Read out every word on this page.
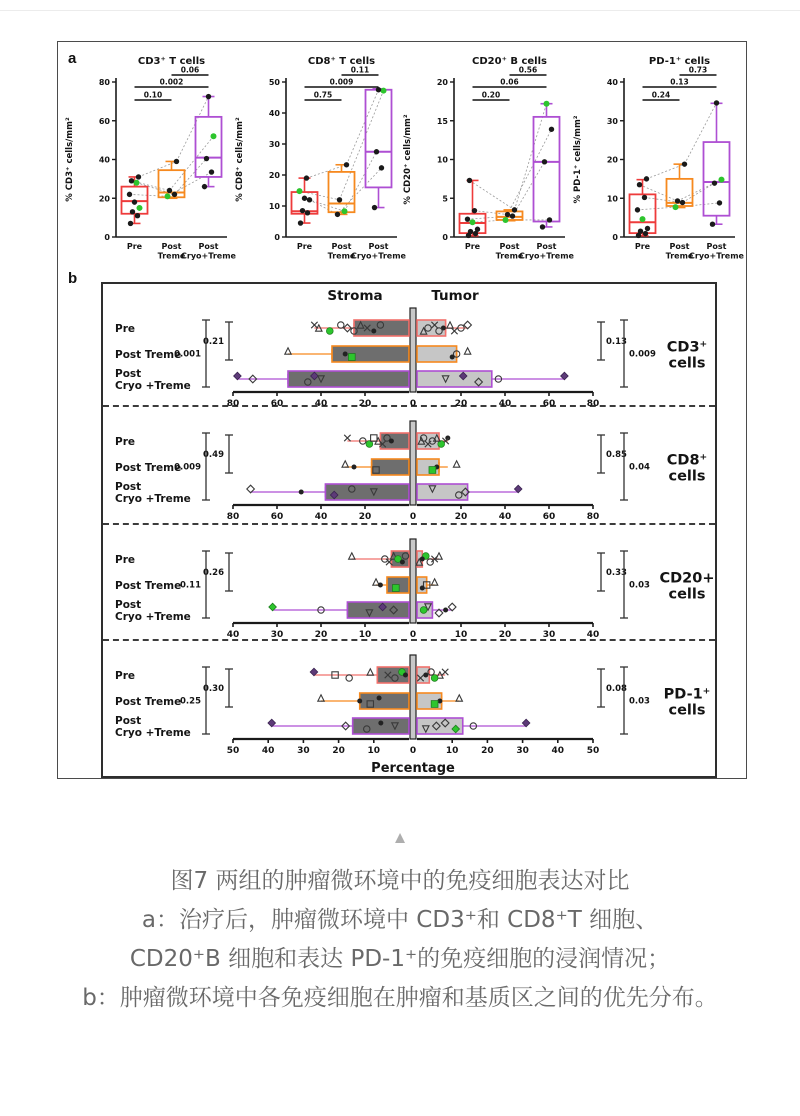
a	CD3⁺ T cells
% CD3⁺ cells/mm²
0
20
40
60
80
0.10
0.002
0.06
Pre Post
Treme
Post
Cryo+Treme
CD8⁺ T cells
% CD8⁺ cells/mm²
0
10
20
30
40
50
0.75
0.009
0.11
Pre Post
Treme
Post
Cryo+Treme
CD20⁺ B cells
% CD20⁺ cells/mm²
0
5
10
15
20
0.20
0.06
0.56
Pre Post
Treme
Post
Cryo+Treme
PD-1⁺ cells
% PD-1⁺ cells/mm²
0
10
20
30
40
0.24
0.13
0.73
Pre Post
Treme
Post
Cryo+Treme
b
Stroma	Tumor
Pre
Post Treme
Post
Cryo +Treme
20	20
40	40
60	60
80	80
0
0.21
0.001
0.13
0.009 CD3⁺
cells
Pre
Post Treme
Post
Cryo +Treme
20	20
40	40
60	60
80	80
0
0.49
0.009
0.85
0.04 CD8⁺
cells
Pre
Post Treme
Post
Cryo +Treme
10	10
20	20
30	30
40	40
0
0.26
0.11
0.33
0.03 CD20+
cells
Pre
Post Treme
Post
Cryo +Treme
10	10
20	20
30	30
40	40
50	50
0
0.30
0.25
0.08
0.03 PD-1⁺
cells
Percentage
▲
图7 两组的肿瘤微环境中的免疫细胞表达对比
a：治疗后，肿瘤微环境中 CD3⁺和 CD8⁺T 细胞、
CD20⁺B 细胞和表达 PD-1⁺的免疫细胞的浸润情况；
b：肿瘤微环境中各免疫细胞在肿瘤和基质区之间的优先分布。
